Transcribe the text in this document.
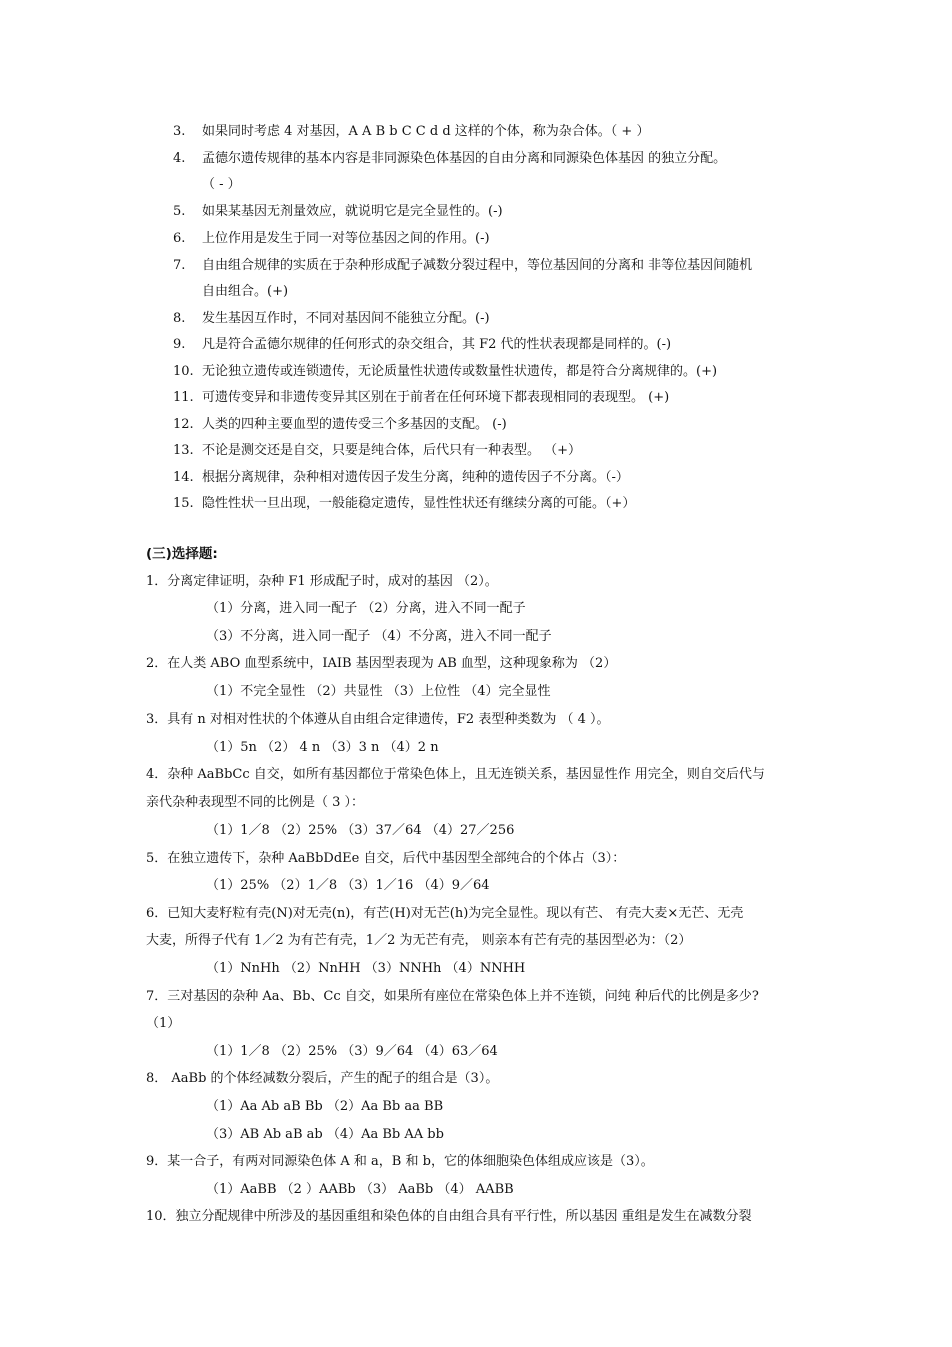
3. 如果同时考虑 4 对基因，A A B b C C d d 这样的个体，称为杂合体。（ + ）
4. 孟德尔遗传规律的基本内容是非同源染色体基因的自由分离和同源染色体基因 的独立分配。
（ - ）
5. 如果某基因无剂量效应，就说明它是完全显性的。(-)
6. 上位作用是发生于同一对等位基因之间的作用。(-)
7. 自由组合规律的实质在于杂种形成配子减数分裂过程中，等位基因间的分离和 非等位基因间随机
自由组合。(+)
8. 发生基因互作时，不同对基因间不能独立分配。(-)
9. 凡是符合孟德尔规律的任何形式的杂交组合，其 F2 代的性状表现都是同样的。(-)
10. 无论独立遗传或连锁遗传，无论质量性状遗传或数量性状遗传，都是符合分离规律的。(+)
11. 可遗传变异和非遗传变异其区别在于前者在任何环境下都表现相同的表现型。 (+)
12. 人类的四种主要血型的遗传受三个多基因的支配。 (-)
13. 不论是测交还是自交，只要是纯合体，后代只有一种表型。 （+）
14. 根据分离规律，杂种相对遗传因子发生分离，纯种的遗传因子不分离。（-）
15. 隐性性状一旦出现，一般能稳定遗传，显性性状还有继续分离的可能。（+）
(三)选择题:
1．分离定律证明，杂种 F1 形成配子时，成对的基因 （2）。
（1）分离，进入同一配子 （2）分离，进入不同一配子
（3）不分离，进入同一配子 （4）不分离，进入不同一配子
2．在人类 ABO 血型系统中，IAIB 基因型表现为 AB 血型，这种现象称为 （2）
（1）不完全显性 （2）共显性 （3）上位性 （4）完全显性
3．具有 n 对相对性状的个体遵从自由组合定律遗传，F2 表型种类数为 （ 4 ）。
（1）5n （2） 4 n （3）3 n （4）2 n
4．杂种 AaBbCc 自交，如所有基因都位于常染色体上，且无连锁关系，基因显性作 用完全，则自交后代与
亲代杂种表现型不同的比例是（ 3 ）：
（1）1／8 （2）25% （3）37／64 （4）27／256
5．在独立遗传下，杂种 AaBbDdEe 自交，后代中基因型全部纯合的个体占（3）：
（1）25% （2）1／8 （3）1／16 （4）9／64
6．已知大麦籽粒有壳(N)对无壳(n)，有芒(H)对无芒(h)为完全显性。现以有芒、 有壳大麦×无芒、无壳
大麦，所得子代有 1／2 为有芒有壳，1／2 为无芒有壳， 则亲本有芒有壳的基因型必为：（2）
（1）NnHh （2）NnHH （3）NNHh （4）NNHH
7．三对基因的杂种 Aa、Bb、Cc 自交，如果所有座位在常染色体上并不连锁，问纯 种后代的比例是多少?
（1）
（1）1／8 （2）25% （3）9／64 （4）63／64
8． AaBb 的个体经减数分裂后，产生的配子的组合是（3）。
（1）Aa Ab aB Bb （2）Aa Bb aa BB
（3）AB Ab aB ab （4）Aa Bb AA bb
9．某一合子，有两对同源染色体 A 和 a，B 和 b，它的体细胞染色体组成应该是（3）。
（1）AaBB （2 ）AABb （3） AaBb （4） AABB
10．独立分配规律中所涉及的基因重组和染色体的自由组合具有平行性，所以基因 重组是发生在减数分裂
